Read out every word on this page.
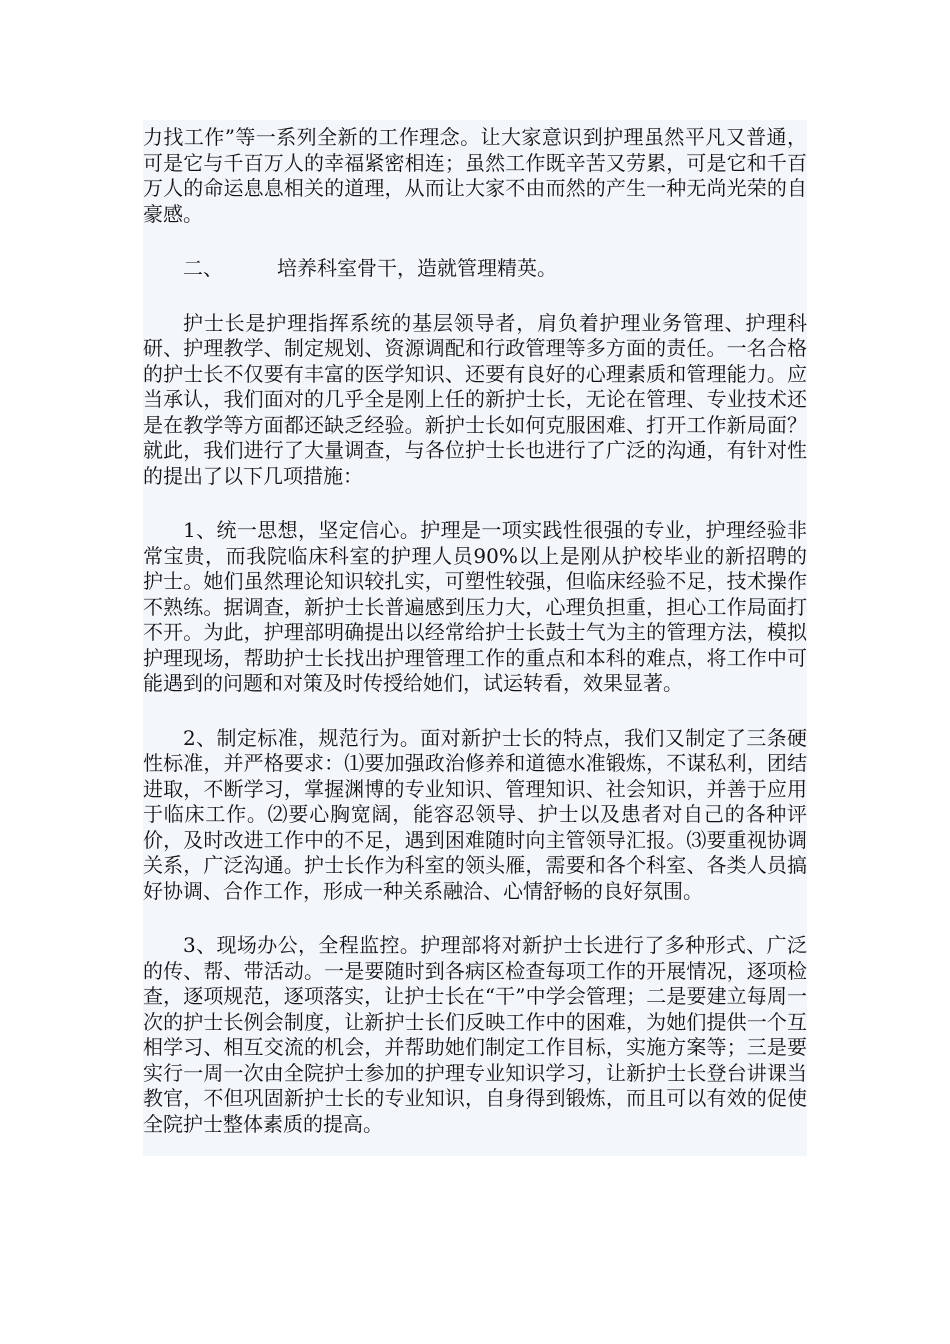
力找工作”等一系列全新的工作理念。让大家意识到护理虽然平凡又普通，可是它与千百万人的幸福紧密相连；虽然工作既辛苦又劳累，可是它和千百万人的命运息息相关的道理，从而让大家不由而然的产生一种无尚光荣的自豪感。

二、	培养科室骨干，造就管理精英。

护士长是护理指挥系统的基层领导者，肩负着护理业务管理、护理科研、护理教学、制定规划、资源调配和行政管理等多方面的责任。一名合格的护士长不仅要有丰富的医学知识、还要有良好的心理素质和管理能力。应当承认，我们面对的几乎全是刚上任的新护士长，无论在管理、专业技术还是在教学等方面都还缺乏经验。新护士长如何克服困难、打开工作新局面？就此，我们进行了大量调查，与各位护士长也进行了广泛的沟通，有针对性的提出了以下几项措施：

1、统一思想，坚定信心。护理是一项实践性很强的专业，护理经验非常宝贵，而我院临床科室的护理人员90%以上是刚从护校毕业的新招聘的护士。她们虽然理论知识较扎实，可塑性较强，但临床经验不足，技术操作不熟练。据调查，新护士长普遍感到压力大，心理负担重，担心工作局面打不开。为此，护理部明确提出以经常给护士长鼓士气为主的管理方法，模拟护理现场，帮助护士长找出护理管理工作的重点和本科的难点，将工作中可能遇到的问题和对策及时传授给她们，试运转看，效果显著。

2、制定标准，规范行为。面对新护士长的特点，我们又制定了三条硬性标准，并严格要求：⑴要加强政治修养和道德水准锻炼，不谋私利，团结进取，不断学习，掌握渊博的专业知识、管理知识、社会知识，并善于应用于临床工作。⑵要心胸宽阔，能容忍领导、护士以及患者对自己的各种评价，及时改进工作中的不足，遇到困难随时向主管领导汇报。⑶要重视协调关系，广泛沟通。护士长作为科室的领头雁，需要和各个科室、各类人员搞好协调、合作工作，形成一种关系融洽、心情舒畅的良好氛围。

3、现场办公，全程监控。护理部将对新护士长进行了多种形式、广泛的传、帮、带活动。一是要随时到各病区检查每项工作的开展情况，逐项检查，逐项规范，逐项落实，让护士长在“干”中学会管理；二是要建立每周一次的护士长例会制度，让新护士长们反映工作中的困难，为她们提供一个互相学习、相互交流的机会，并帮助她们制定工作目标，实施方案等；三是要实行一周一次由全院护士参加的护理专业知识学习，让新护士长登台讲课当教官，不但巩固新护士长的专业知识，自身得到锻炼，而且可以有效的促使全院护士整体素质的提高。
